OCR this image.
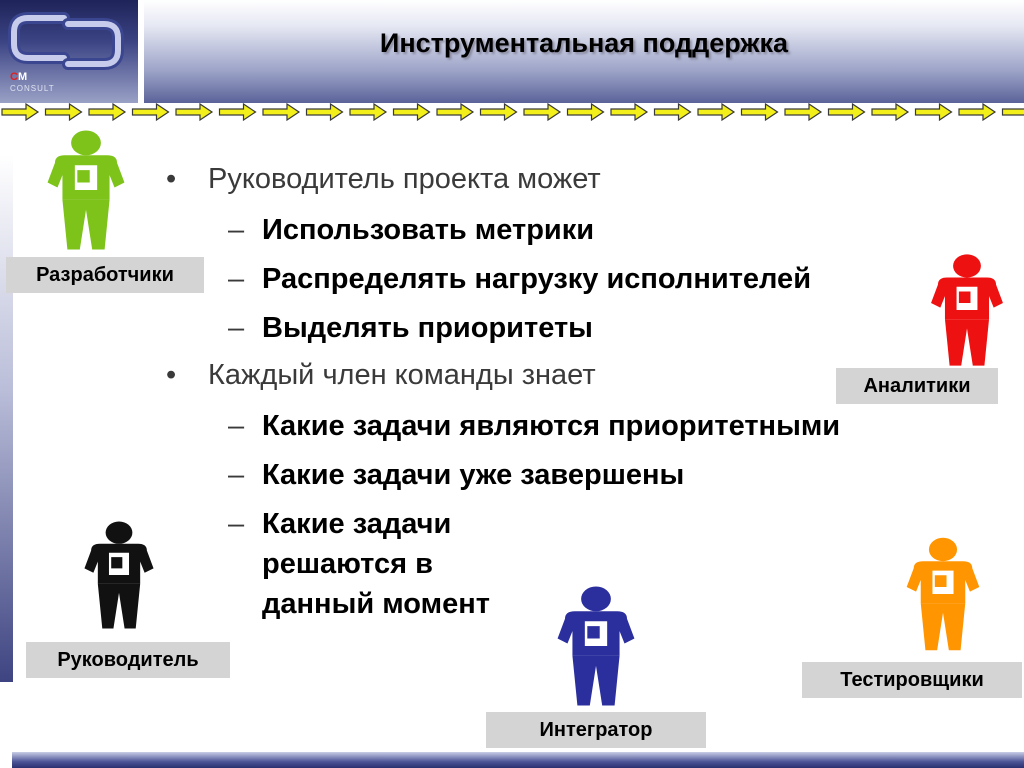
CM
CONSULT
Инструментальная поддержка
• Руководитель проекта может
– Использовать метрики
– Распределять нагрузку исполнителей
– Выделять приоритеты
• Каждый член команды знает
– Какие задачи являются приоритетными
– Какие задачи уже завершены
– Какие задачи решаются в данный момент
Разработчики
Аналитики
Руководитель
Интегратор
Тестировщики
